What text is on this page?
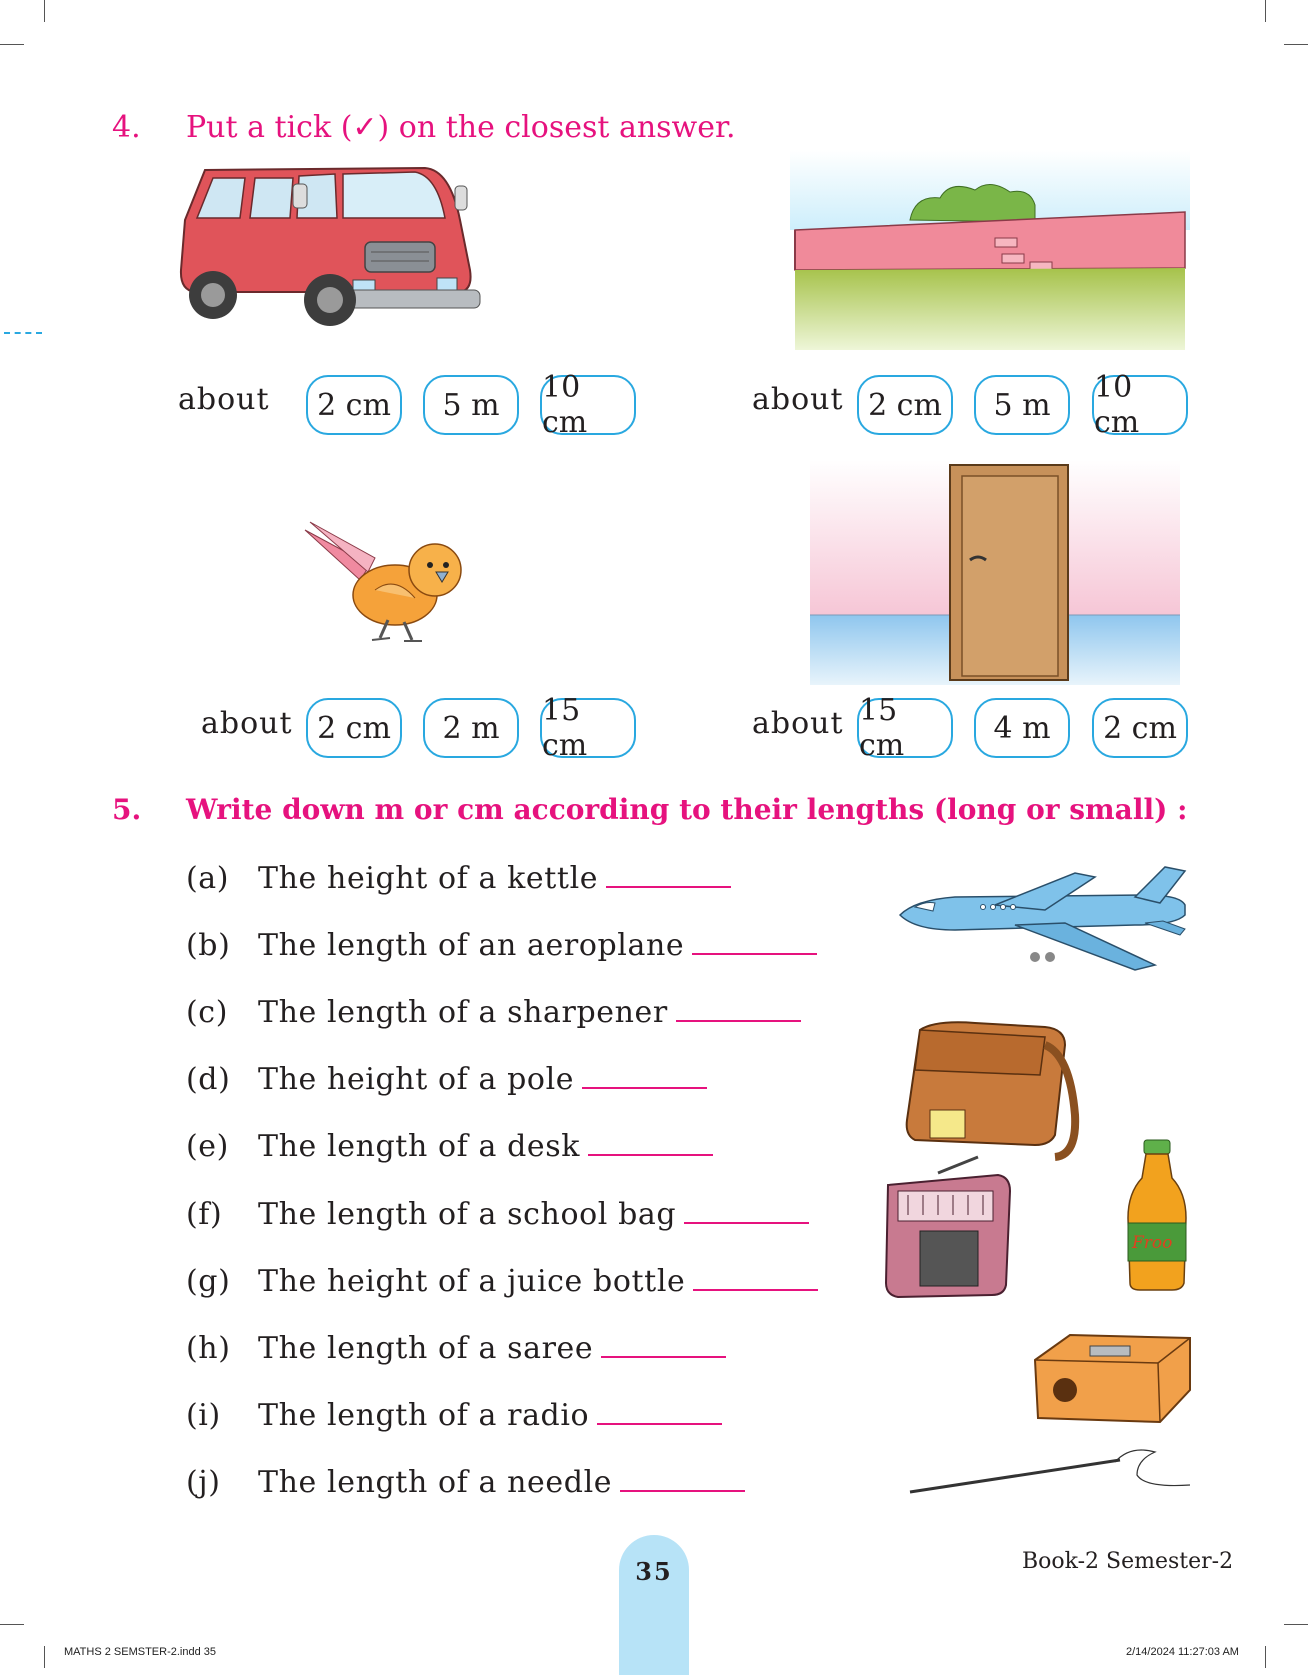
4. Put a tick (✓) on the closest answer.
about	2 cm	5 m	10 cm
about 2 cm	5 m	10 cm
about 2 cm	2 m	15 cm
about 15 cm	4 m	2 cm
5. Write down m or cm according to their lengths (long or small) :
(a) The height of a kettle
(b) The length of an aeroplane
(c) The length of a sharpener
(d) The height of a pole
(e) The length of a desk
(f) The length of a school bag
(g) The height of a juice bottle
(h) The length of a saree
(i) The length of a radio
(j) The length of a needle
Froo
35	Book-2 Semester-2
MATHS 2 SEMSTER-2.indd 35	2/14/2024 11:27:03 AM
